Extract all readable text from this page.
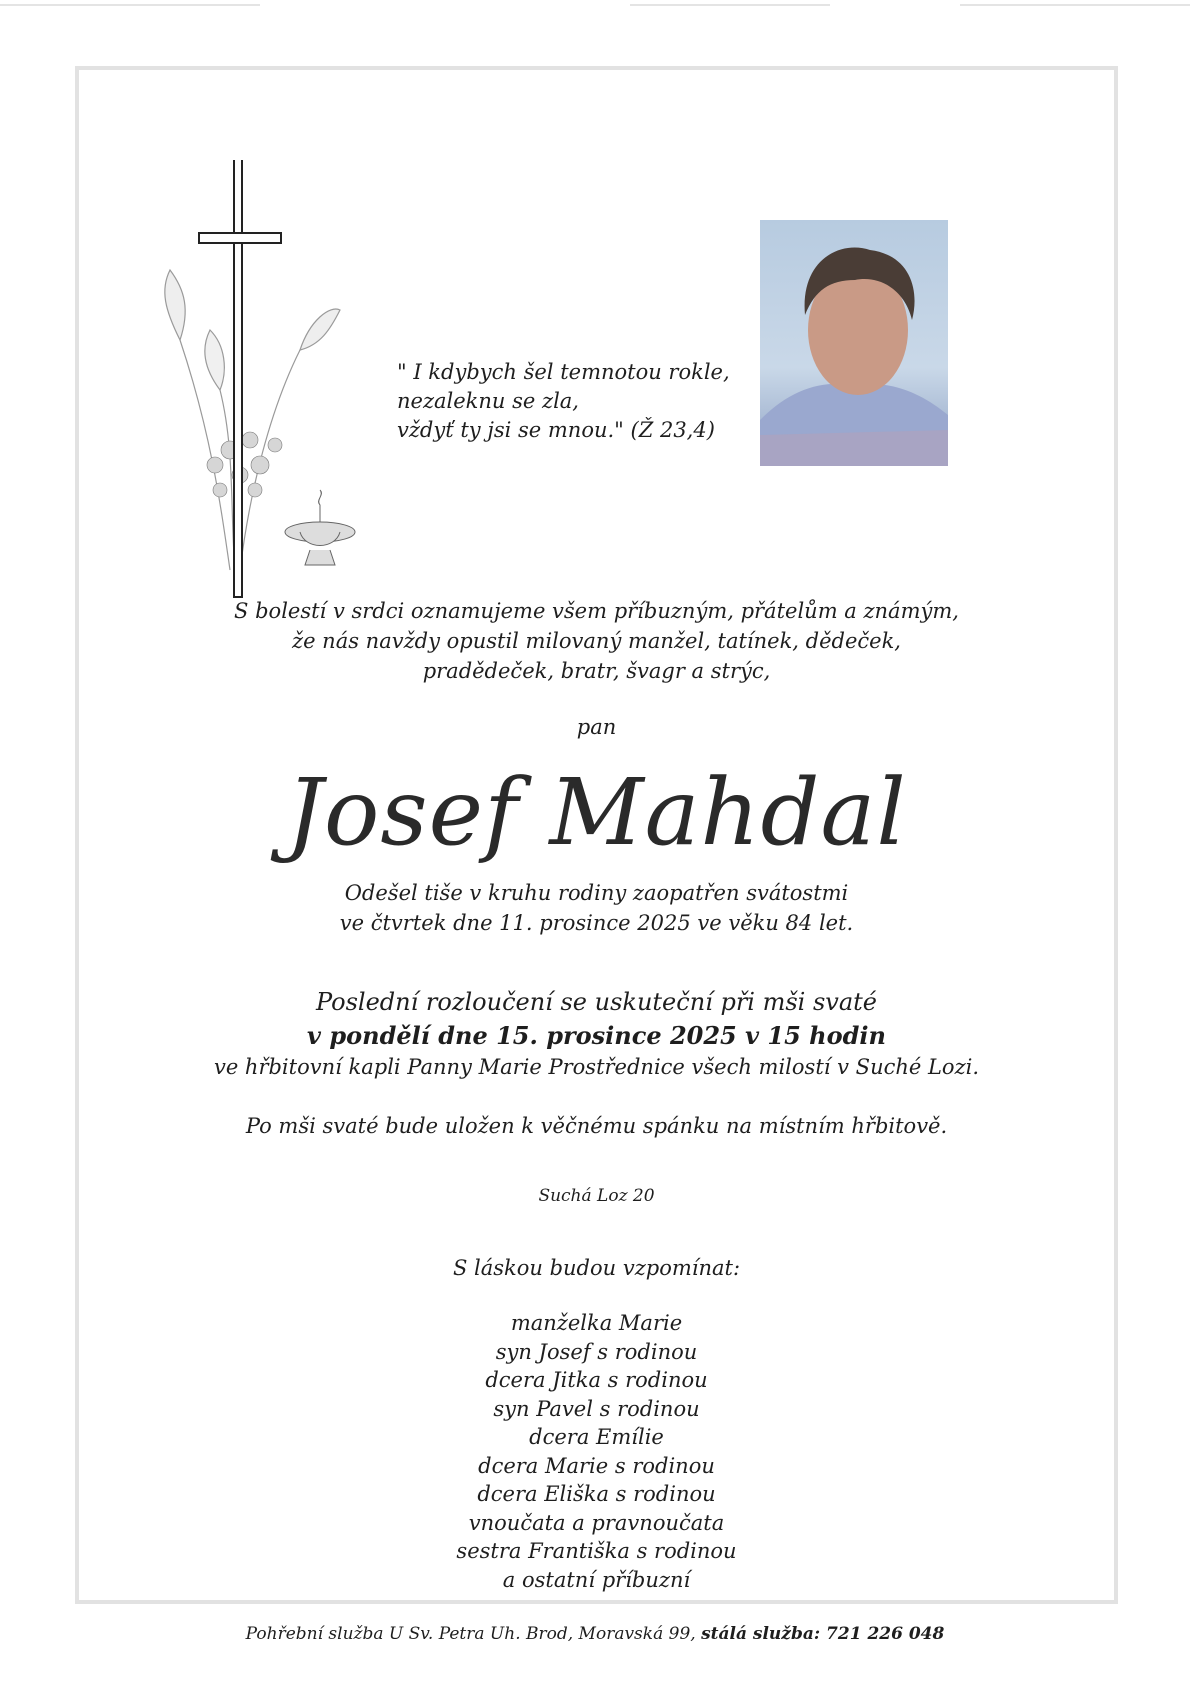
" I kdybych šel temnotou rokle,
nezaleknu se zla,
vždyť ty jsi se mnou." (Ž 23,4)
S bolestí v srdci oznamujeme všem příbuzným, přátelům a známým,
že nás navždy opustil milovaný manžel, tatínek, dědeček,
pradědeček, bratr, švagr a strýc,
pan
Josef Mahdal
Odešel tiše v kruhu rodiny zaopatřen svátostmi
ve čtvrtek dne 11. prosince 2025 ve věku 84 let.
Poslední rozloučení se uskuteční při mši svaté
v pondělí dne 15. prosince 2025 v 15 hodin
ve hřbitovní kapli Panny Marie Prostřednice všech milostí v Suché Lozi.
Po mši svaté bude uložen k věčnému spánku na místním hřbitově.
Suchá Loz 20
S láskou budou vzpomínat:
manželka Marie
syn Josef s rodinou
dcera Jitka s rodinou
syn Pavel s rodinou
dcera Emílie
dcera Marie s rodinou
dcera Eliška s rodinou
vnoučata a pravnoučata
sestra Františka s rodinou
a ostatní příbuzní
Pohřební služba U Sv. Petra Uh. Brod, Moravská 99, stálá služba: 721 226 048
